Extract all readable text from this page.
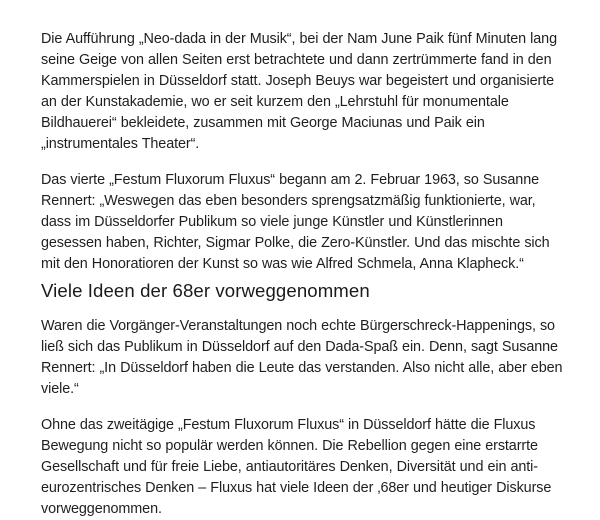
Die Aufführung „Neo-dada in der Musik“, bei der Nam June Paik fünf Minuten lang seine Geige von allen Seiten erst betrachtete und dann zertrümmerte fand in den Kammerspielen in Düsseldorf statt. Joseph Beuys war begeistert und organisierte an der Kunstakademie, wo er seit kurzem den „Lehrstuhl für monumentale Bildhauerei“ bekleidete, zusammen mit George Maciunas und Paik ein „instrumentales Theater“.

Das vierte „Festum Fluxorum Fluxus“ begann am 2. Februar 1963, so Susanne Rennert: „Weswegen das eben besonders sprengsatzmäßig funktionierte, war, dass im Düsseldorfer Publikum so viele junge Künstler und Künstlerinnen gesessen haben, Richter, Sigmar Polke, die Zero-Künstler. Und das mischte sich mit den Honoratioren der Kunst so was wie Alfred Schmela, Anna Klapheck.“

Viele Ideen der 68er vorweggenommen

Waren die Vorgänger-Veranstaltungen noch echte Bürgerschreck-Happenings, so ließ sich das Publikum in Düsseldorf auf den Dada-Spaß ein. Denn, sagt Susanne Rennert: „In Düsseldorf haben die Leute das verstanden. Also nicht alle, aber eben viele.“

Ohne das zweitägige „Festum Fluxorum Fluxus“ in Düsseldorf hätte die Fluxus Bewegung nicht so populär werden können. Die Rebellion gegen eine erstarrte Gesellschaft und für freie Liebe, antiautoritäres Denken, Diversität und ein anti-eurozentrisches Denken – Fluxus hat viele Ideen der ‚68er und heutiger Diskurse vorweggenommen.
